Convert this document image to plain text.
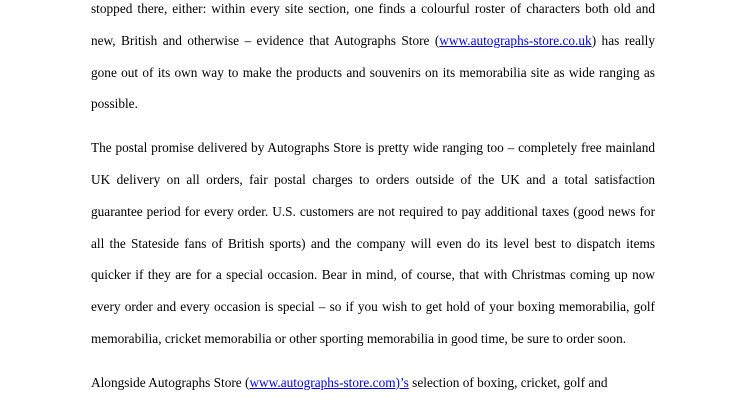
stopped there, either: within every site section, one finds a colourful roster of characters both old and new, British and otherwise – evidence that Autographs Store (www.autographs-store.co.uk) has really gone out of its own way to make the products and souvenirs on its memorabilia site as wide ranging as possible.

The postal promise delivered by Autographs Store is pretty wide ranging too – completely free mainland UK delivery on all orders, fair postal charges to orders outside of the UK and a total satisfaction guarantee period for every order. U.S. customers are not required to pay additional taxes (good news for all the Stateside fans of British sports) and the company will even do its level best to dispatch items quicker if they are for a special occasion. Bear in mind, of course, that with Christmas coming up now every order and every occasion is special – so if you wish to get hold of your boxing memorabilia, golf memorabilia, cricket memorabilia or other sporting memorabilia in good time, be sure to order soon.

Alongside Autographs Store (www.autographs-store.com)’s selection of boxing, cricket, golf and
